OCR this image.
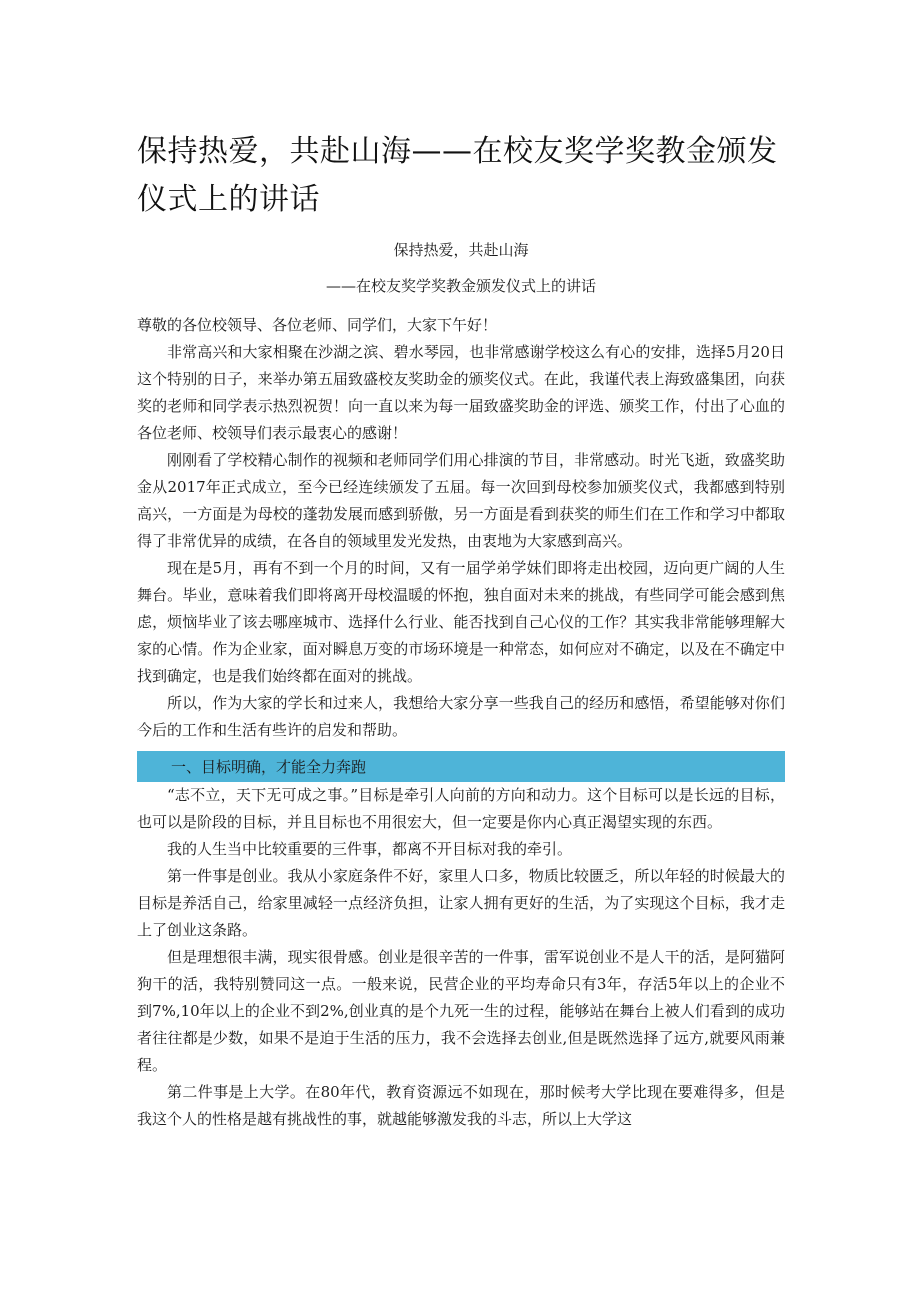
保持热爱，共赴山海——在校友奖学奖教金颁发仪式上的讲话

保持热爱，共赴山海

——在校友奖学奖教金颁发仪式上的讲话

尊敬的各位校领导、各位老师、同学们，大家下午好！

非常高兴和大家相聚在沙湖之滨、碧水琴园，也非常感谢学校这么有心的安排，选择5月20日这个特别的日子，来举办第五届致盛校友奖助金的颁奖仪式。在此，我谨代表上海致盛集团，向获奖的老师和同学表示热烈祝贺！向一直以来为每一届致盛奖助金的评选、颁奖工作，付出了心血的各位老师、校领导们表示最衷心的感谢！

刚刚看了学校精心制作的视频和老师同学们用心排演的节目，非常感动。时光飞逝，致盛奖助金从2017年正式成立，至今已经连续颁发了五届。每一次回到母校参加颁奖仪式，我都感到特别高兴，一方面是为母校的蓬勃发展而感到骄傲，另一方面是看到获奖的师生们在工作和学习中都取得了非常优异的成绩，在各自的领域里发光发热，由衷地为大家感到高兴。

现在是5月，再有不到一个月的时间，又有一届学弟学妹们即将走出校园，迈向更广阔的人生舞台。毕业，意味着我们即将离开母校温暖的怀抱，独自面对未来的挑战，有些同学可能会感到焦虑，烦恼毕业了该去哪座城市、选择什么行业、能否找到自己心仪的工作？其实我非常能够理解大家的心情。作为企业家，面对瞬息万变的市场环境是一种常态，如何应对不确定，以及在不确定中找到确定，也是我们始终都在面对的挑战。

所以，作为大家的学长和过来人，我想给大家分享一些我自己的经历和感悟，希望能够对你们今后的工作和生活有些许的启发和帮助。

一、目标明确，才能全力奔跑

“志不立，天下无可成之事。”目标是牵引人向前的方向和动力。这个目标可以是长远的目标，也可以是阶段的目标，并且目标也不用很宏大，但一定要是你内心真正渴望实现的东西。

我的人生当中比较重要的三件事，都离不开目标对我的牵引。

第一件事是创业。我从小家庭条件不好，家里人口多，物质比较匮乏，所以年轻的时候最大的目标是养活自己，给家里减轻一点经济负担，让家人拥有更好的生活，为了实现这个目标，我才走上了创业这条路。

但是理想很丰满，现实很骨感。创业是很辛苦的一件事，雷军说创业不是人干的活，是阿猫阿狗干的活，我特别赞同这一点。一般来说，民营企业的平均寿命只有3年，存活5年以上的企业不到7%,10年以上的企业不到2%,创业真的是个九死一生的过程，能够站在舞台上被人们看到的成功者往往都是少数，如果不是迫于生活的压力，我不会选择去创业,但是既然选择了远方,就要风雨兼程。

第二件事是上大学。在80年代，教育资源远不如现在，那时候考大学比现在要难得多，但是我这个人的性格是越有挑战性的事，就越能够激发我的斗志，所以上大学这
